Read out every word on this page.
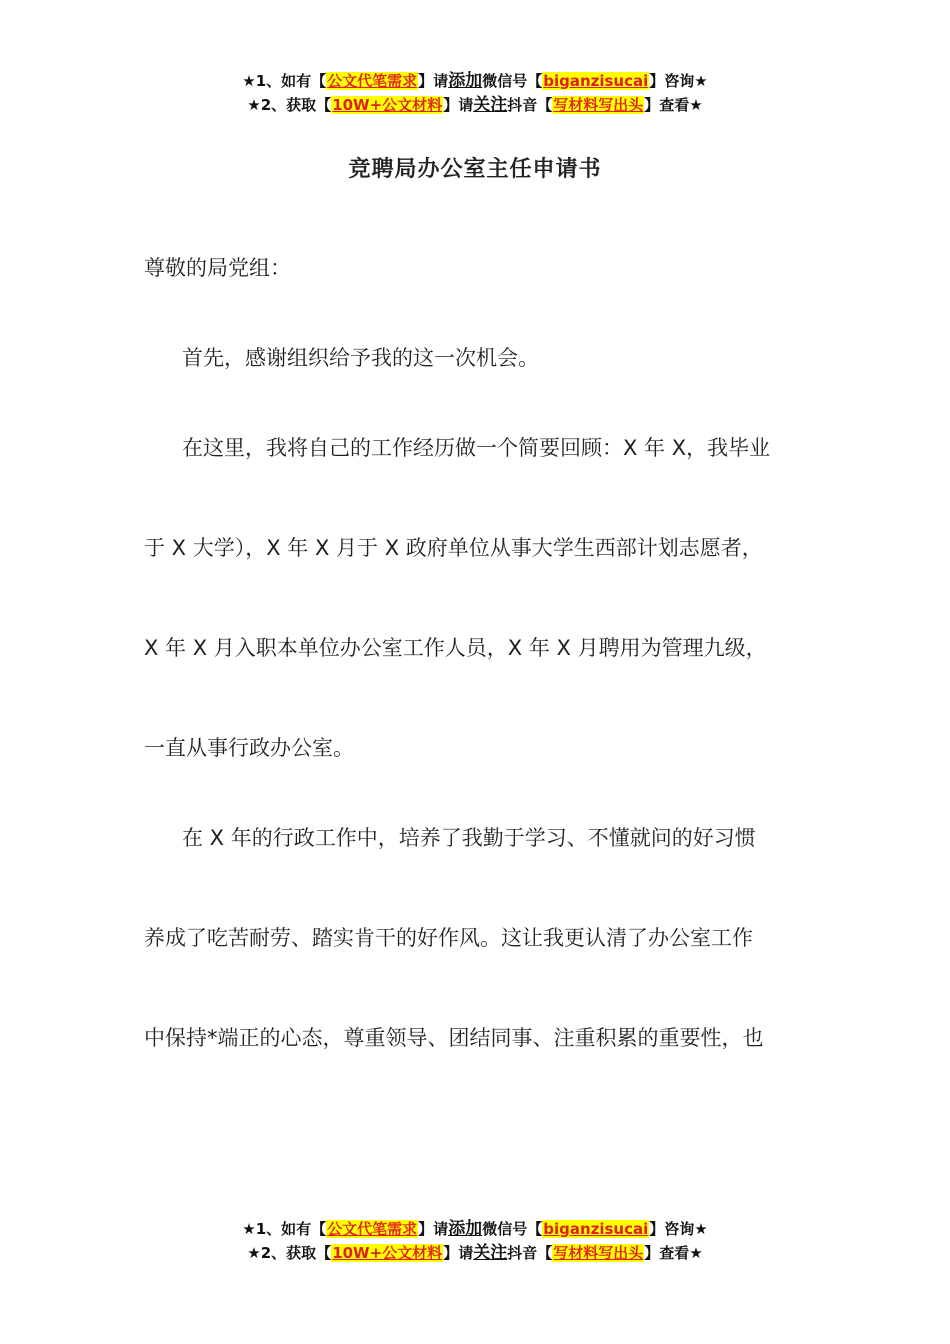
★1、如有【公文代笔需求】请添加微信号【biganzisucai】咨询★
★2、获取【10W+公文材料】请关注抖音【写材料写出头】查看★
竞聘局办公室主任申请书
尊敬的局党组：
首先，感谢组织给予我的这一次机会。
在这里，我将自己的工作经历做一个简要回顾：X 年 X，我毕业
于 X 大学），X 年 X 月于 X 政府单位从事大学生西部计划志愿者，
X 年 X 月入职本单位办公室工作人员，X 年 X 月聘用为管理九级，
一直从事行政办公室。
在 X 年的行政工作中，培养了我勤于学习、不懂就问的好习惯
养成了吃苦耐劳、踏实肯干的好作风。这让我更认清了办公室工作
中保持*端正的心态，尊重领导、团结同事、注重积累的重要性，也
★1、如有【公文代笔需求】请添加微信号【biganzisucai】咨询★
★2、获取【10W+公文材料】请关注抖音【写材料写出头】查看★
